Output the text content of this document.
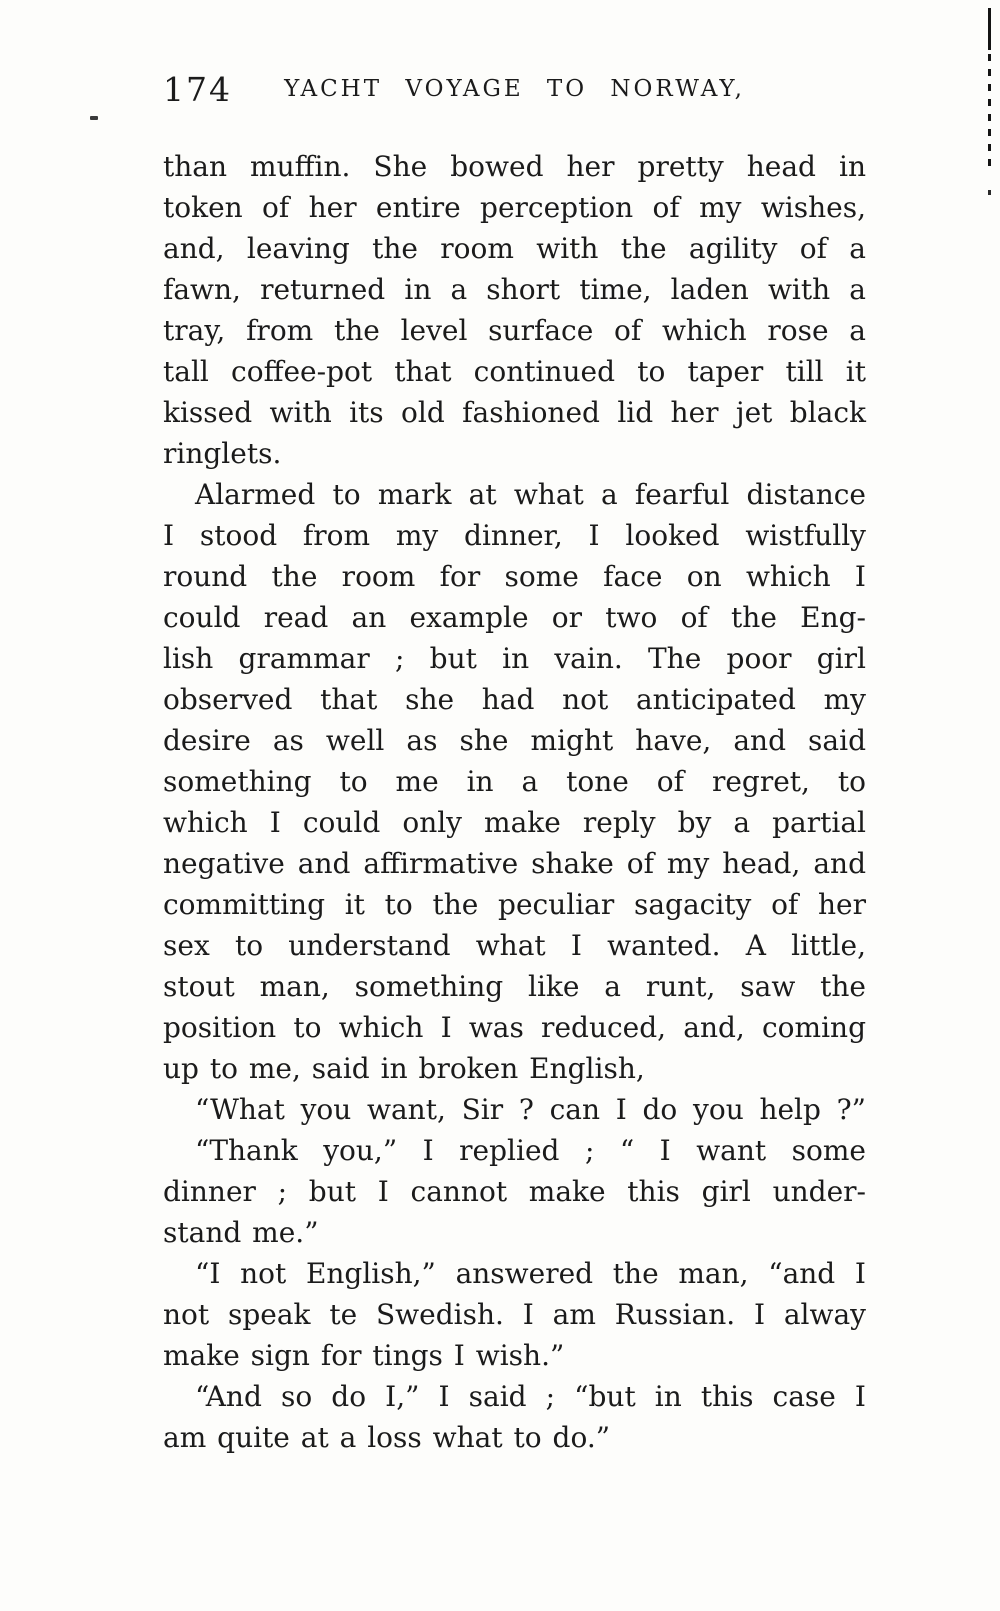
174	YACHT VOYAGE TO NORWAY,
than muffin. She bowed her pretty head in
token of her entire perception of my wishes,
and, leaving the room with the agility of a
fawn, returned in a short time, laden with a
tray, from the level surface of which rose a
tall coffee-pot that continued to taper till it
kissed with its old fashioned lid her jet black
ringlets.
Alarmed to mark at what a fearful distance
I stood from my dinner, I looked wistfully
round the room for some face on which I
could read an example or two of the Eng-
lish grammar ; but in vain. The poor girl
observed that she had not anticipated my
desire as well as she might have, and said
something to me in a tone of regret, to
which I could only make reply by a partial
negative and affirmative shake of my head, and
committing it to the peculiar sagacity of her
sex to understand what I wanted. A little,
stout man, something like a runt, saw the
position to which I was reduced, and, coming
up to me, said in broken English,
“What you want, Sir ? can I do you help ?”
“Thank you,” I replied ; “ I want some
dinner ; but I cannot make this girl under-
stand me.”
“I not English,” answered the man, “and I
not speak te Swedish. I am Russian. I alway
make sign for tings I wish.”
“And so do I,” I said ; “but in this case I
am quite at a loss what to do.”
